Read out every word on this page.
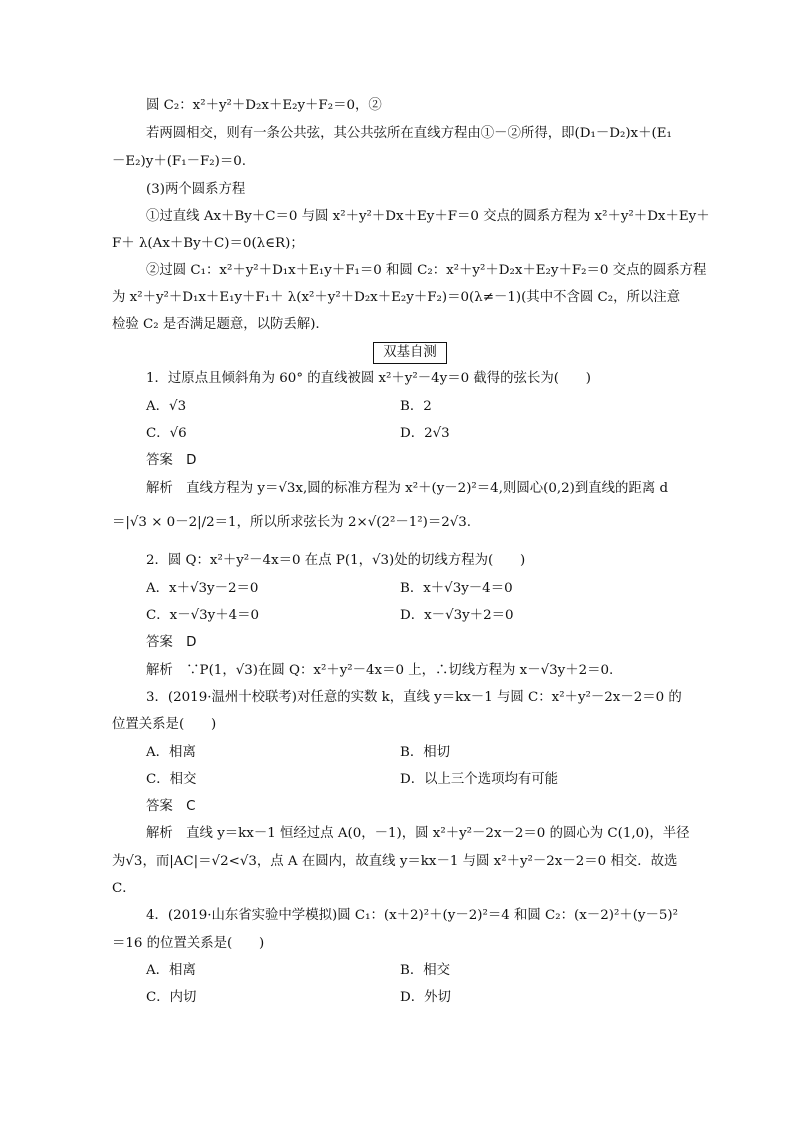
圆 C₂：x²＋y²＋D₂x＋E₂y＋F₂＝0，②
若两圆相交，则有一条公共弦，其公共弦所在直线方程由①－②所得，即(D₁－D₂)x＋(E₁
－E₂)y＋(F₁－F₂)＝0.
(3)两个圆系方程
①过直线 Ax＋By＋C＝0 与圆 x²＋y²＋Dx＋Ey＋F＝0 交点的圆系方程为 x²＋y²＋Dx＋Ey＋
F＋ λ(Ax＋By＋C)＝0(λ∈R)；
②过圆 C₁：x²＋y²＋D₁x＋E₁y＋F₁＝0 和圆 C₂：x²＋y²＋D₂x＋E₂y＋F₂＝0 交点的圆系方程
为 x²＋y²＋D₁x＋E₁y＋F₁＋ λ(x²＋y²＋D₂x＋E₂y＋F₂)＝0(λ≠－1)(其中不含圆 C₂，所以注意
检验 C₂ 是否满足题意，以防丢解).
双基自测
1．过原点且倾斜角为 60° 的直线被圆 x²＋y²－4y＝0 截得的弦长为(　　)
A．√3	B．2
C．√6	D．2√3
答案　D
解析　直线方程为 y＝√3x,圆的标准方程为 x²＋(y－2)²＝4,则圆心(0,2)到直线的距离 d
＝|√3 × 0－2|/2＝1，所以所求弦长为 2×√(2²－1²)＝2√3.
2．圆 Q：x²＋y²－4x＝0 在点 P(1，√3)处的切线方程为(　　)
A．x＋√3y－2＝0	B．x＋√3y－4＝0
C．x－√3y＋4＝0	D．x－√3y＋2＝0
答案　D
解析　∵P(1，√3)在圆 Q：x²＋y²－4x＝0 上，∴切线方程为 x－√3y＋2＝0.
3．(2019·温州十校联考)对任意的实数 k，直线 y＝kx－1 与圆 C：x²＋y²－2x－2＝0 的
位置关系是(　　)
A．相离	B．相切
C．相交	D．以上三个选项均有可能
答案　C
解析　直线 y＝kx－1 恒经过点 A(0，－1)，圆 x²＋y²－2x－2＝0 的圆心为 C(1,0)，半径
为√3，而|AC|＝√2<√3，点 A 在圆内，故直线 y＝kx－1 与圆 x²＋y²－2x－2＝0 相交．故选
C．
4．(2019·山东省实验中学模拟)圆 C₁：(x＋2)²＋(y－2)²＝4 和圆 C₂：(x－2)²＋(y－5)²
＝16 的位置关系是(　　)
A．相离	B．相交
C．内切	D．外切
